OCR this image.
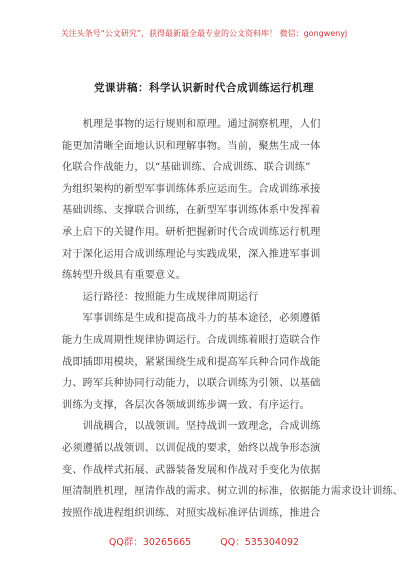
关注头条号“公文研究”，获得最新最全最专业的公文资料库！ 微信：gongwenyj
党课讲稿：科学认识新时代合成训练运行机理
　　机理是事物的运行规则和原理。通过洞察机理，人们
能更加清晰全面地认识和理解事物。当前，聚焦生成一体
化联合作战能力，以“基础训练、合成训练、联合训练”
为组织架构的新型军事训练体系应运而生。合成训练承接
基础训练、支撑联合训练，在新型军事训练体系中发挥着
承上启下的关键作用。研析把握新时代合成训练运行机理
对于深化运用合成训练理论与实践成果，深入推进军事训
练转型升级具有重要意义。
　　运行路径：按照能力生成规律周期运行
　　军事训练是生成和提高战斗力的基本途径，必须遵循
能力生成周期性规律协调运行。合成训练着眼打造联合作
战即插即用模块，紧紧围绕生成和提高军兵种合同作战能
力、跨军兵种协同行动能力，以联合训练为引领、以基础
训练为支撑，各层次各领域训练步调一致、有序运行。
　　训战耦合，以战领训。坚持战训一致理念，合成训练
必须遵循以战领训、以训促战的要求，始终以战争形态演
变、作战样式拓展、武器装备发展和作战对手变化为依据
厘清制胜机理，厘清作战的需求、树立训的标准，依据能力需求设计训练、
按照作战进程组织训练、对照实战标准评估训练，推进合
QQ群：30265665	QQ：535304092
